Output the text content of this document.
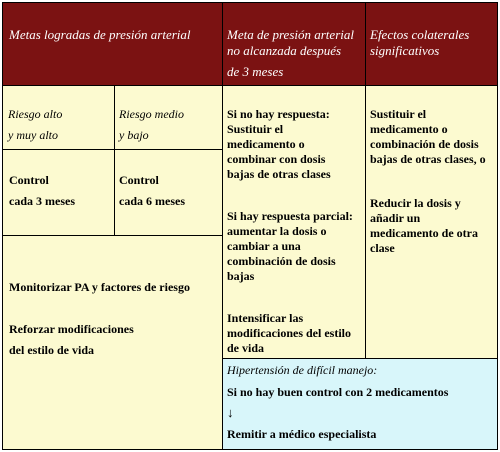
Metas logradas de presión arterial	Meta de presión arterial
no alcanzada después
de 3 meses
Efectos colaterales
significativos
Riesgo alto
y muy alto
Riesgo medio
y bajo
Control
cada 3 meses
Control
cada 6 meses
Monitorizar PA y factores de riesgo
Reforzar modificaciones
del estilo de vida
Si no hay respuesta:
Sustituir el
medicamento o
combinar con dosis
bajas de otras clases
Si hay respuesta parcial:
aumentar la dosis o
cambiar a una
combinación de dosis
bajas
Intensificar las
modificaciones del estilo
de vida
Sustituir el
medicamento o
combinación de dosis
bajas de otras clases, o
Reducir la dosis y
añadir un
medicamento de otra
clase
Hipertensión de difícil manejo:
Si no hay buen control con 2 medicamentos
↓
Remitir a médico especialista
